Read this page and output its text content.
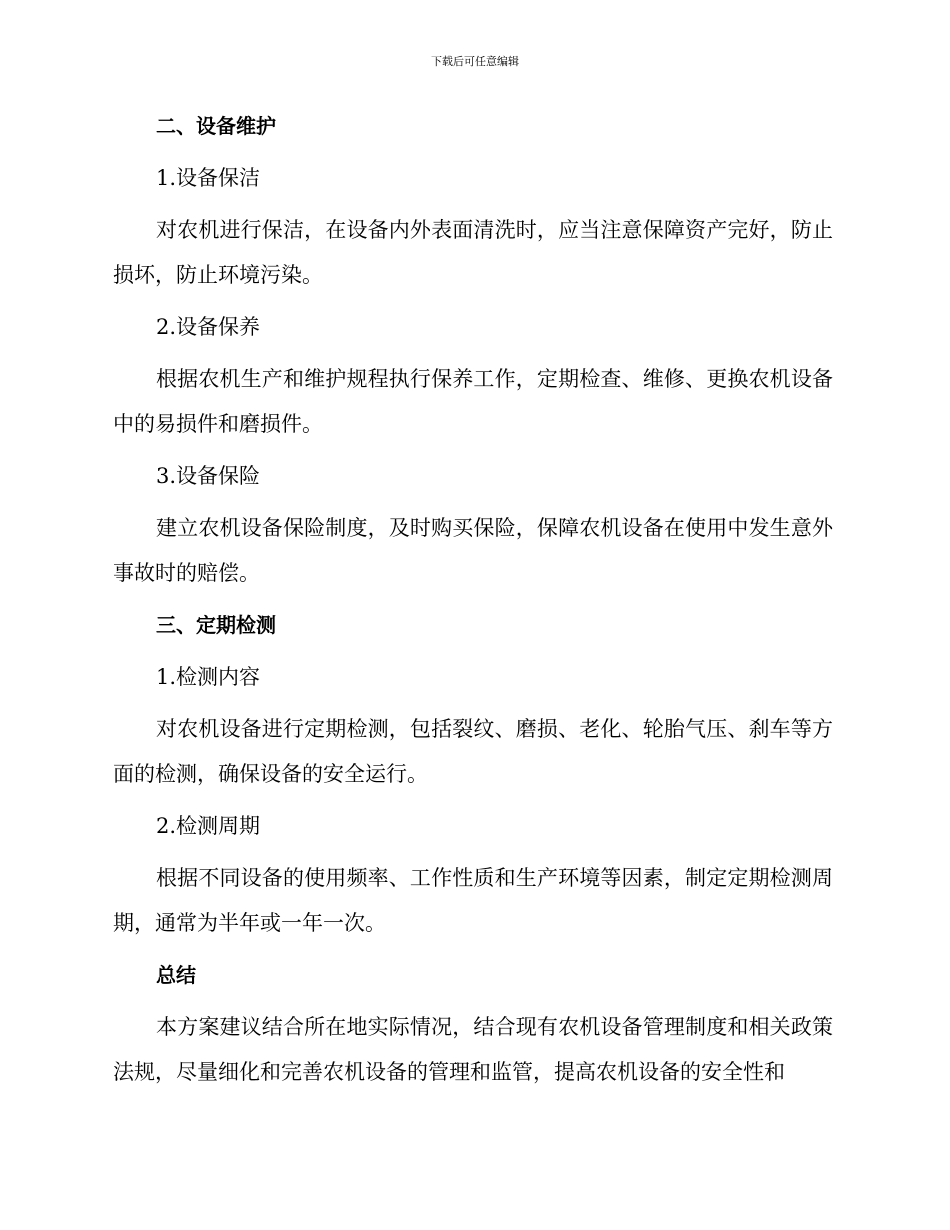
下载后可任意编辑

二、设备维护

1.设备保洁

对农机进行保洁，在设备内外表面清洗时，应当注意保障资产完好，防止损坏，防止环境污染。

2.设备保养

根据农机生产和维护规程执行保养工作，定期检查、维修、更换农机设备中的易损件和磨损件。

3.设备保险

建立农机设备保险制度，及时购买保险，保障农机设备在使用中发生意外事故时的赔偿。

三、定期检测

1.检测内容

对农机设备进行定期检测，包括裂纹、磨损、老化、轮胎气压、刹车等方面的检测，确保设备的安全运行。

2.检测周期

根据不同设备的使用频率、工作性质和生产环境等因素，制定定期检测周期，通常为半年或一年一次。

总结

本方案建议结合所在地实际情况，结合现有农机设备管理制度和相关政策法规，尽量细化和完善农机设备的管理和监管，提高农机设备的安全性和
